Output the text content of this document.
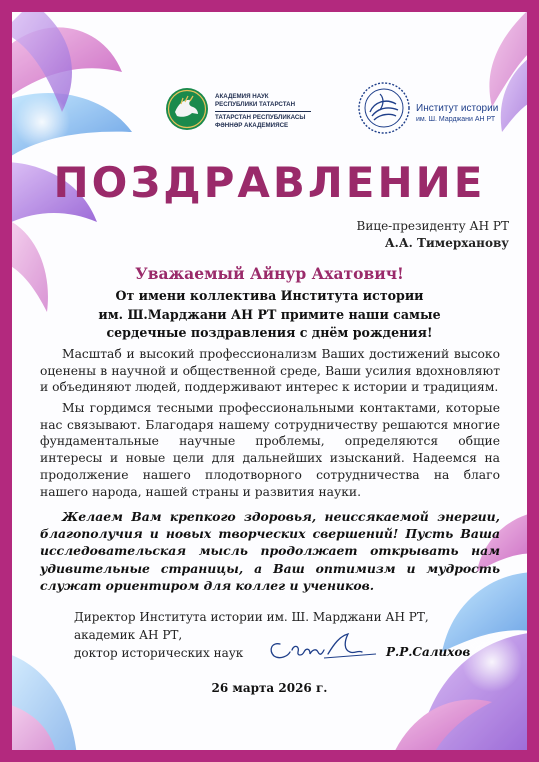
АКАДЕМИЯ НАУК
РЕСПУБЛИКИ ТАТАРСТАН
ТАТАРСТАН РЕСПУБЛИКАСЫ
ФӘННӘР АКАДЕМИЯСЕ
Институт истории
им. Ш. Марджани АН РТ
ПОЗДРАВЛЕНИЕ
Вице-президенту АН РТ
А.А. Тимерханову
Уважаемый Айнур Ахатович!
От имени коллектива Института истории
им. Ш.Марджани АН РТ примите наши самые
сердечные поздравления с днём рождения!
Масштаб и высокий профессионализм Ваших достижений высоко оценены в научной и общественной среде, Ваши усилия вдохновляют и объединяют людей, поддерживают интерес к истории и традициям.
Мы гордимся тесными профессиональными контактами, которые нас связывают. Благодаря нашему сотрудничеству решаются многие фундаментальные научные проблемы, определяются общие интересы и новые цели для дальнейших изысканий. Надеемся на продолжение нашего плодотворного сотрудничества на благо нашего народа, нашей страны и развития науки.
Желаем Вам крепкого здоровья, неиссякаемой энергии, благополучия и новых творческих свершений! Пусть Ваша исследовательская мысль продолжает открывать нам удивительные страницы, а Ваш оптимизм и мудрость служат ориентиром для коллег и учеников.
Директор Института истории им. Ш. Марджани АН РТ,
академик АН РТ,
доктор исторических наук	Р.Р.Салихов
26 марта 2026 г.
